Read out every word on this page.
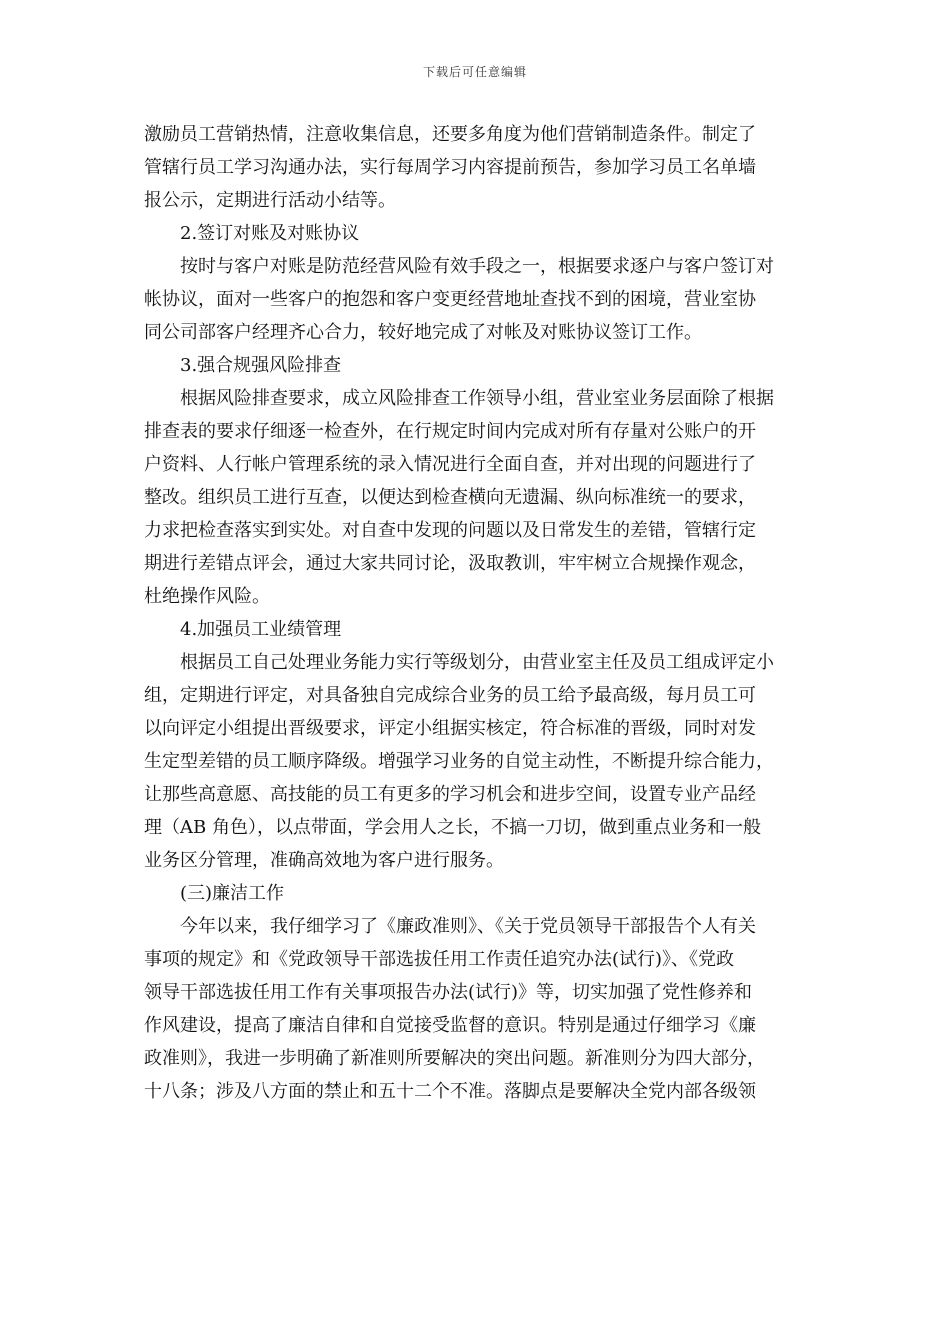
下载后可任意编辑

激励员工营销热情，注意收集信息，还要多角度为他们营销制造条件。制定了
管辖行员工学习沟通办法，实行每周学习内容提前预告，参加学习员工名单墙
报公示，定期进行活动小结等。

2.签订对账及对账协议

按时与客户对账是防范经营风险有效手段之一，根据要求逐户与客户签订对
帐协议，面对一些客户的抱怨和客户变更经营地址查找不到的困境，营业室协
同公司部客户经理齐心合力，较好地完成了对帐及对账协议签订工作。

3.强合规强风险排查

根据风险排查要求，成立风险排查工作领导小组，营业室业务层面除了根据
排查表的要求仔细逐一检查外，在行规定时间内完成对所有存量对公账户的开
户资料、人行帐户管理系统的录入情况进行全面自查，并对出现的问题进行了
整改。组织员工进行互查，以便达到检查横向无遗漏、纵向标准统一的要求，
力求把检查落实到实处。对自查中发现的问题以及日常发生的差错，管辖行定
期进行差错点评会，通过大家共同讨论，汲取教训，牢牢树立合规操作观念，
杜绝操作风险。

4.加强员工业绩管理

根据员工自己处理业务能力实行等级划分，由营业室主任及员工组成评定小
组，定期进行评定，对具备独自完成综合业务的员工给予最高级，每月员工可
以向评定小组提出晋级要求，评定小组据实核定，符合标准的晋级，同时对发
生定型差错的员工顺序降级。增强学习业务的自觉主动性，不断提升综合能力，
让那些高意愿、高技能的员工有更多的学习机会和进步空间，设置专业产品经
理（AB 角色），以点带面，学会用人之长，不搞一刀切，做到重点业务和一般
业务区分管理，准确高效地为客户进行服务。

(三)廉洁工作

今年以来，我仔细学习了《廉政准则》、《关于党员领导干部报告个人有关
事项的规定》和《党政领导干部选拔任用工作责任追究办法(试行)》、《党政
领导干部选拔任用工作有关事项报告办法(试行)》等，切实加强了党性修养和
作风建设，提高了廉洁自律和自觉接受监督的意识。特别是通过仔细学习《廉
政准则》，我进一步明确了新准则所要解决的突出问题。新准则分为四大部分，
十八条；涉及八方面的禁止和五十二个不准。落脚点是要解决全党内部各级领
